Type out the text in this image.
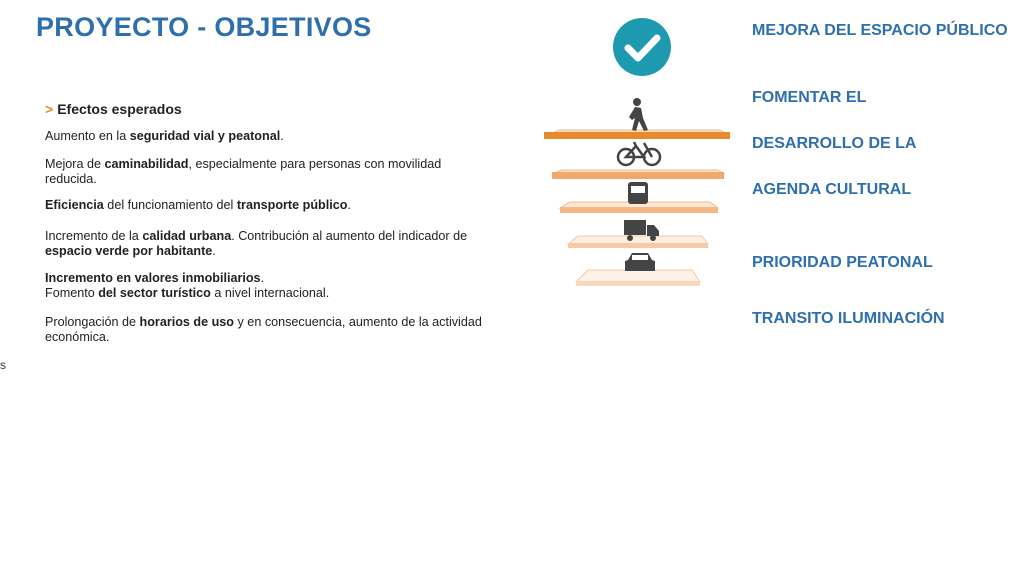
PROYECTO - OBJETIVOS
> Efectos esperados
Aumento en la seguridad vial y peatonal.
Mejora de caminabilidad, especialmente para personas con movilidad reducida.
Eficiencia del funcionamiento del transporte público.
Incremento de la calidad urbana. Contribución al aumento del indicador de espacio verde por habitante.
Incremento en valores inmobiliarios.
Fomento del sector turístico a nivel internacional.
Prolongación de horarios de uso y en consecuencia, aumento de la actividad económica.
s
MEJORA DEL ESPACIO PÚBLICO
FOMENTAR EL
DESARROLLO DE LA
AGENDA CULTURAL
PRIORIDAD PEATONAL
TRANSITO ILUMINACIÓN
